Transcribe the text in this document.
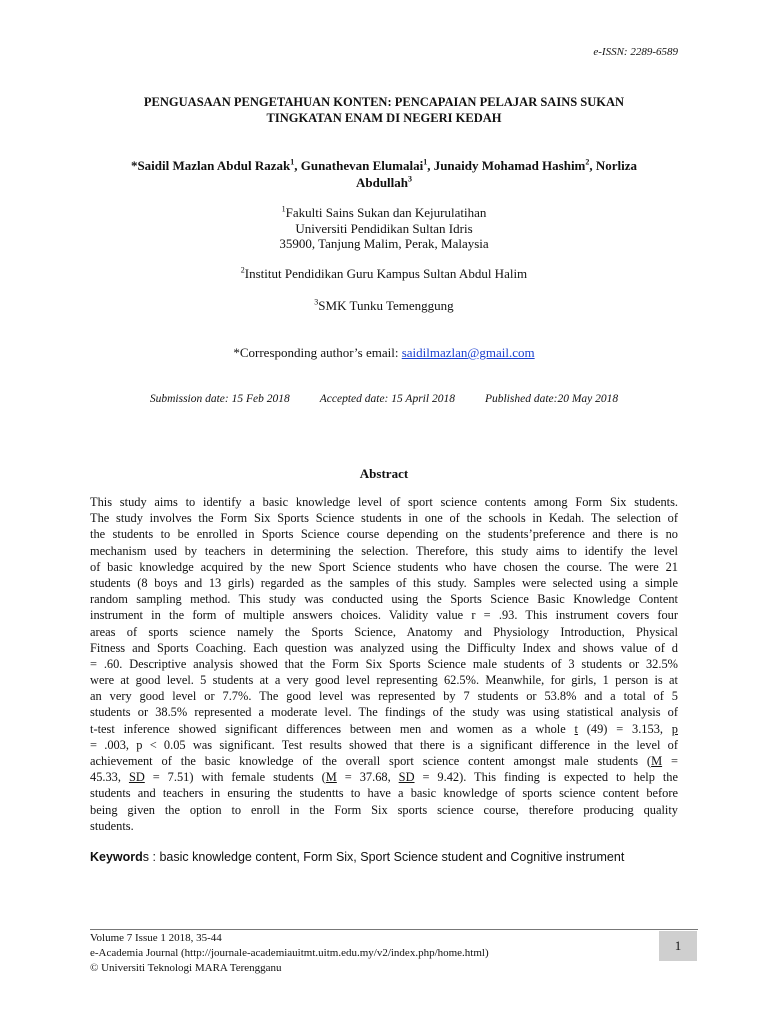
e-ISSN: 2289-6589
PENGUASAAN PENGETAHUAN KONTEN: PENCAPAIAN PELAJAR SAINS SUKAN
TINGKATAN ENAM DI NEGERI KEDAH
*Saidil Mazlan Abdul Razak$^1$, Gunathevan Elumalai$^1$, Junaidy Mohamad Hashim$^2$, Norliza
Abdullah$^3$
$^1$Fakulti Sains Sukan dan Kejurulatihan
Universiti Pendidikan Sultan Idris
35900, Tanjung Malim, Perak, Malaysia
$^2$Institut Pendidikan Guru Kampus Sultan Abdul Halim
$^3$SMK Tunku Temenggung
*Corresponding author’s email: saidilmazlan@gmail.com
Submission date: 15 Feb 2018	Accepted date: 15 April 2018	Published date:20 May 2018
Abstract
This study aims to identify a basic knowledge level of sport science contents among Form Six students.
The study involves the Form Six Sports Science students in one of the schools in Kedah. The selection of
the students to be enrolled in Sports Science course depending on the students’preference and there is no
mechanism used by teachers in determining the selection. Therefore, this study aims to identify the level
of basic knowledge acquired by the new Sport Science students who have chosen the course. The were 21
students (8 boys and 13 girls) regarded as the samples of this study. Samples were selected using a simple
random sampling method. This study was conducted using the Sports Science Basic Knowledge Content
instrument in the form of multiple answers choices. Validity value r = .93. This instrument covers four
areas of sports science namely the Sports Science, Anatomy and Physiology Introduction, Physical
Fitness and Sports Coaching. Each question was analyzed using the Difficulty Index and shows value of d
= .60. Descriptive analysis showed that the Form Six Sports Science male students of 3 students or 32.5%
were at good level. 5 students at a very good level representing 62.5%. Meanwhile, for girls, 1 person is at
an very good level or 7.7%. The good level was represented by 7 students or 53.8% and a total of 5
students or 38.5% represented a moderate level. The findings of the study was using statistical analysis of
t-test inference showed significant differences between men and women as a whole t (49) = 3.153, p
= .003, p < 0.05 was significant. Test results showed that there is a significant difference in the level of
achievement of the basic knowledge of the overall sport science content amongst male students (M =
45.33, SD = 7.51) with female students (M = 37.68, SD = 9.42). This finding is expected to help the
students and teachers in ensuring the studentts to have a basic knowledge of sports science content before
being given the option to enroll in the Form Six sports science course, therefore producing quality
students.
Keywords : basic knowledge content, Form Six, Sport Science student and Cognitive instrument
Volume 7 Issue 1 2018, 35-44
e-Academia Journal (http://journale-academiauitmt.uitm.edu.my/v2/index.php/home.html)
© Universiti Teknologi MARA Terengganu
1
